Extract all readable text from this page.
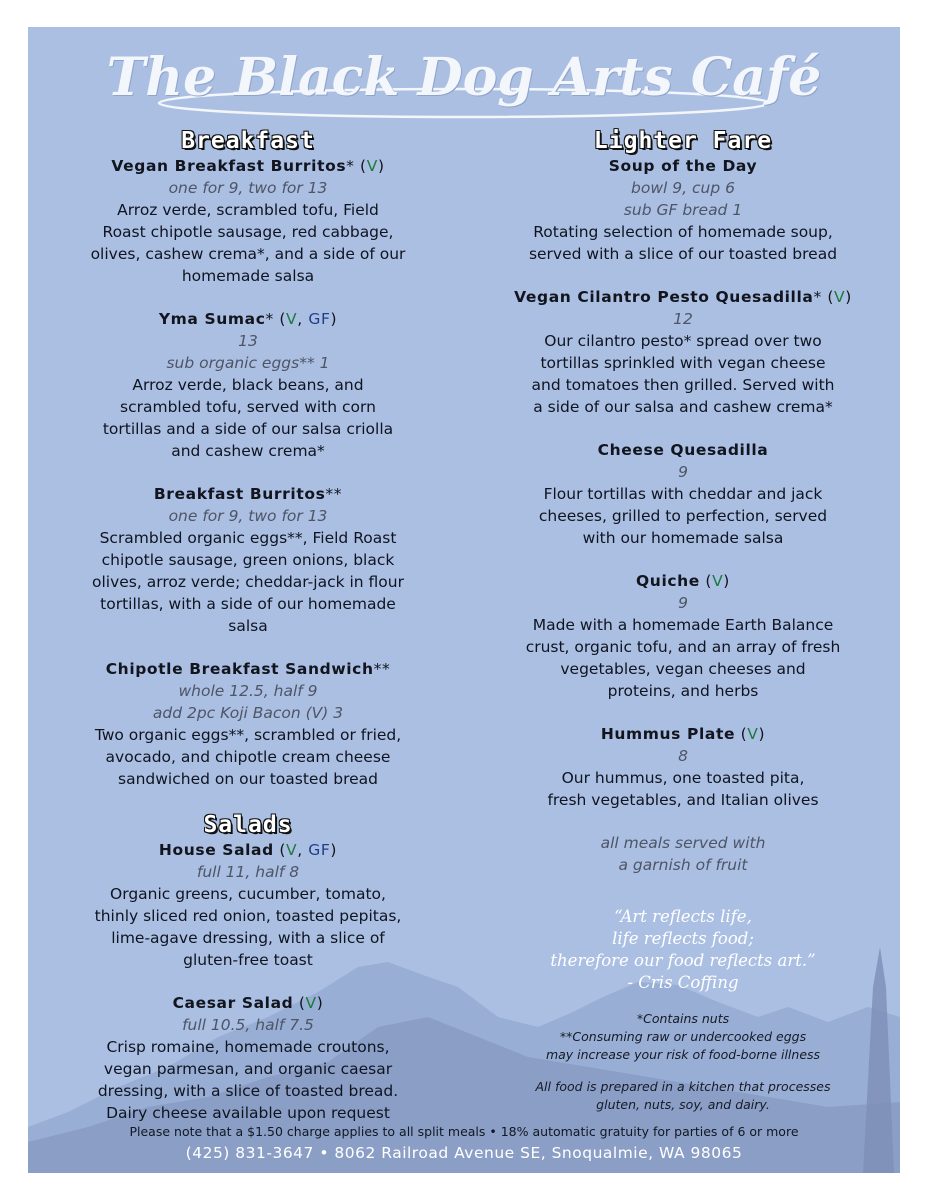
The Black Dog Arts Café
Breakfast
Vegan Breakfast Burritos* (V)
one for 9, two for 13
Arroz verde, scrambled tofu, Field
Roast chipotle sausage, red cabbage,
olives, cashew crema*, and a side of our
homemade salsa
Yma Sumac* (V, GF)
13
sub organic eggs** 1
Arroz verde, black beans, and
scrambled tofu, served with corn
tortillas and a side of our salsa criolla
and cashew crema*
Breakfast Burritos**
one for 9, two for 13
Scrambled organic eggs**, Field Roast
chipotle sausage, green onions, black
olives, arroz verde; cheddar-jack in flour
tortillas, with a side of our homemade
salsa
Chipotle Breakfast Sandwich**
whole 12.5, half 9
add 2pc Koji Bacon (V) 3
Two organic eggs**, scrambled or fried,
avocado, and chipotle cream cheese
sandwiched on our toasted bread
Salads
House Salad (V, GF)
full 11, half 8
Organic greens, cucumber, tomato,
thinly sliced red onion, toasted pepitas,
lime-agave dressing, with a slice of
gluten-free toast
Caesar Salad (V)
full 10.5, half 7.5
Crisp romaine, homemade croutons,
vegan parmesan, and organic caesar
dressing, with a slice of toasted bread.
Dairy cheese available upon request
Lighter Fare
Soup of the Day
bowl 9, cup 6
sub GF bread 1
Rotating selection of homemade soup,
served with a slice of our toasted bread
Vegan Cilantro Pesto Quesadilla* (V)
12
Our cilantro pesto* spread over two
tortillas sprinkled with vegan cheese
and tomatoes then grilled. Served with
a side of our salsa and cashew crema*
Cheese Quesadilla
9
Flour tortillas with cheddar and jack
cheeses, grilled to perfection, served
with our homemade salsa
Quiche (V)
9
Made with a homemade Earth Balance
crust, organic tofu, and an array of fresh
vegetables, vegan cheeses and
proteins, and herbs
Hummus Plate (V)
8
Our hummus, one toasted pita,
fresh vegetables, and Italian olives
all meals served with
a garnish of fruit
“Art reflects life,
life reflects food;
therefore our food reflects art.”
- Cris Coffing
*Contains nuts
**Consuming raw or undercooked eggs
may increase your risk of food-borne illness
All food is prepared in a kitchen that processes
gluten, nuts, soy, and dairy.
Please note that a $1.50 charge applies to all split meals • 18% automatic gratuity for parties of 6 or more
(425) 831-3647 • 8062 Railroad Avenue SE, Snoqualmie, WA 98065
